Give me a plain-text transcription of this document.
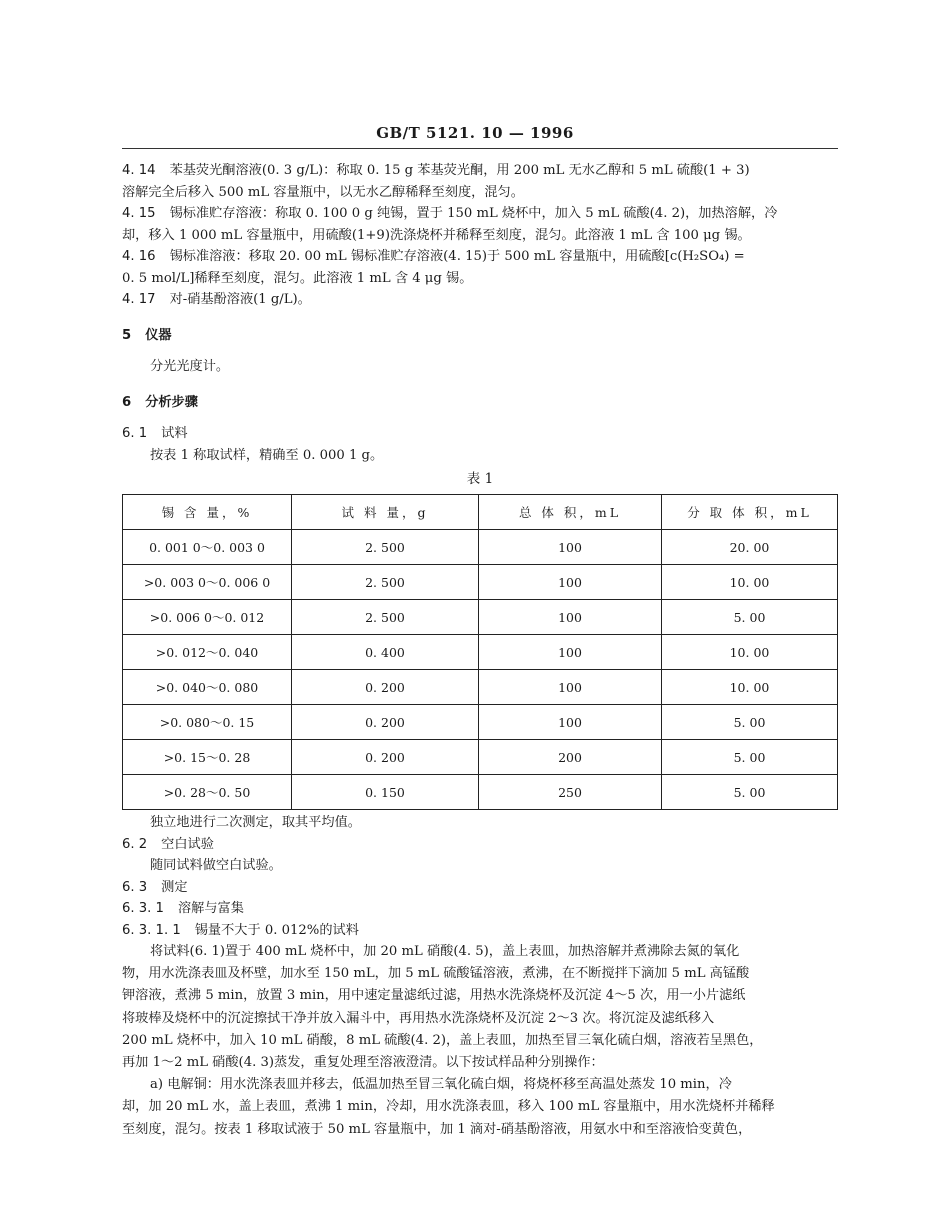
GB/T 5121. 10 — 1996
4. 14 苯基荧光酮溶液(0. 3 g/L)：称取 0. 15 g 苯基荧光酮，用 200 mL 无水乙醇和 5 mL 硫酸(1 + 3)
溶解完全后移入 500 mL 容量瓶中，以无水乙醇稀释至刻度，混匀。
4. 15 锡标准贮存溶液：称取 0. 100 0 g 纯锡，置于 150 mL 烧杯中，加入 5 mL 硫酸(4. 2)，加热溶解，冷
却，移入 1 000 mL 容量瓶中，用硫酸(1+9)洗涤烧杯并稀释至刻度，混匀。此溶液 1 mL 含 100 μg 锡。
4. 16 锡标准溶液：移取 20. 00 mL 锡标准贮存溶液(4. 15)于 500 mL 容量瓶中，用硫酸[c(H₂SO₄) =
0. 5 mol/L]稀释至刻度，混匀。此溶液 1 mL 含 4 μg 锡。
4. 17 对-硝基酚溶液(1 g/L)。
5 仪器
分光光度计。
6 分析步骤
6. 1 试料
按表 1 称取试样，精确至 0. 000 1 g。
表 1
锡 含 量，%	试 料 量，g	总 体 积，mL	分 取 体 积，mL
0. 001 0～0. 003 0	2. 500	100	20. 00
>0. 003 0～0. 006 0	2. 500	100	10. 00
>0. 006 0～0. 012	2. 500	100	5. 00
>0. 012～0. 040	0. 400	100	10. 00
>0. 040～0. 080	0. 200	100	10. 00
>0. 080～0. 15	0. 200	100	5. 00
>0. 15～0. 28	0. 200	200	5. 00
>0. 28～0. 50	0. 150	250	5. 00
独立地进行二次测定，取其平均值。
6. 2 空白试验
随同试料做空白试验。
6. 3 测定
6. 3. 1 溶解与富集
6. 3. 1. 1 锡量不大于 0. 012%的试料
将试料(6. 1)置于 400 mL 烧杯中，加 20 mL 硝酸(4. 5)，盖上表皿，加热溶解并煮沸除去氮的氧化
物，用水洗涤表皿及杯壁，加水至 150 mL，加 5 mL 硫酸锰溶液，煮沸，在不断搅拌下滴加 5 mL 高锰酸
钾溶液，煮沸 5 min，放置 3 min，用中速定量滤纸过滤，用热水洗涤烧杯及沉淀 4～5 次，用一小片滤纸
将玻棒及烧杯中的沉淀擦拭干净并放入漏斗中，再用热水洗涤烧杯及沉淀 2～3 次。将沉淀及滤纸移入
200 mL 烧杯中，加入 10 mL 硝酸，8 mL 硫酸(4. 2)，盖上表皿，加热至冒三氧化硫白烟，溶液若呈黑色，
再加 1～2 mL 硝酸(4. 3)蒸发，重复处理至溶液澄清。以下按试样品种分别操作：
a) 电解铜：用水洗涤表皿并移去，低温加热至冒三氧化硫白烟，将烧杯移至高温处蒸发 10 min，冷
却，加 20 mL 水，盖上表皿，煮沸 1 min，冷却，用水洗涤表皿，移入 100 mL 容量瓶中，用水洗烧杯并稀释
至刻度，混匀。按表 1 移取试液于 50 mL 容量瓶中，加 1 滴对-硝基酚溶液，用氨水中和至溶液恰变黄色，
